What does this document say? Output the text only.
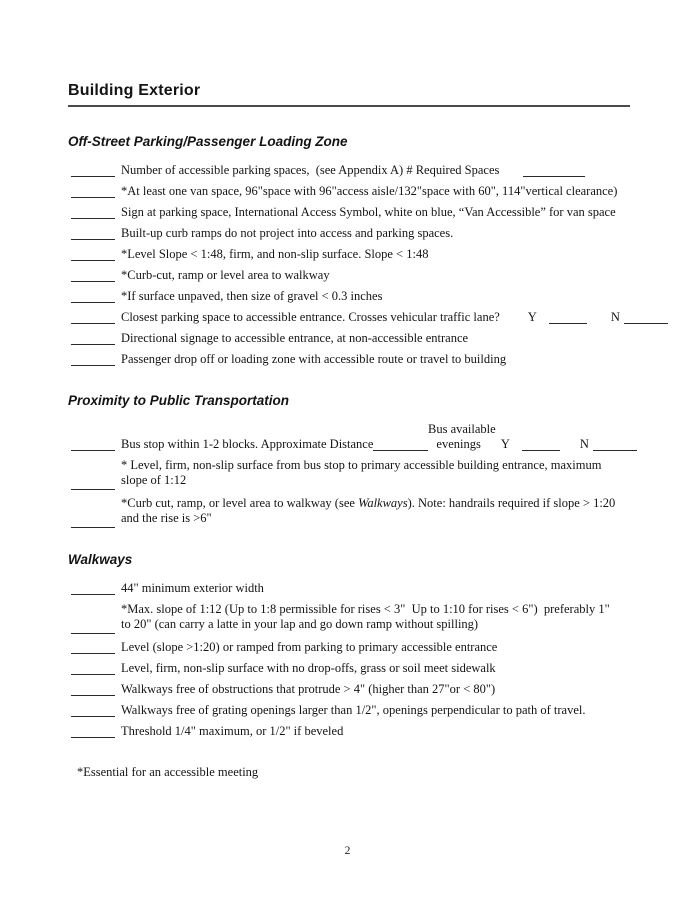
Building Exterior
Off-Street Parking/Passenger Loading Zone
Number of accessible parking spaces,  (see Appendix A) # Required Spaces
*At least one van space, 96"space with 96"access aisle/132"space with 60", 114"vertical clearance)
Sign at parking space, International Access Symbol, white on blue, “Van Accessible” for van space
Built-up curb ramps do not project into access and parking spaces.
*Level Slope < 1:48, firm, and non-slip surface. Slope < 1:48
*Curb-cut, ramp or level area to walkway
*If surface unpaved, then size of gravel < 0.3 inches
Closest parking space to accessible entrance. Crosses vehicular traffic lane? Y	N
Directional signage to accessible entrance, at non-accessible entrance
Passenger drop off or loading zone with accessible route or travel to building
Proximity to Public Transportation
Bus available
Bus stop within 1-2 blocks. Approximate Distance	evenings Y	N
* Level, firm, non-slip surface from bus stop to primary accessible building entrance, maximum slope of 1:12
*Curb cut, ramp, or level area to walkway (see Walkways). Note: handrails required if slope > 1:20 and the rise is >6"
Walkways
44" minimum exterior width
*Max. slope of 1:12 (Up to 1:8 permissible for rises < 3"  Up to 1:10 for rises < 6")  preferably 1" to 20" (can carry a latte in your lap and go down ramp without spilling)
Level (slope >1:20) or ramped from parking to primary accessible entrance
Level, firm, non-slip surface with no drop-offs, grass or soil meet sidewalk
Walkways free of obstructions that protrude > 4" (higher than 27"or < 80")
Walkways free of grating openings larger than 1/2", openings perpendicular to path of travel.
Threshold 1/4" maximum, or 1/2" if beveled
*Essential for an accessible meeting
2
